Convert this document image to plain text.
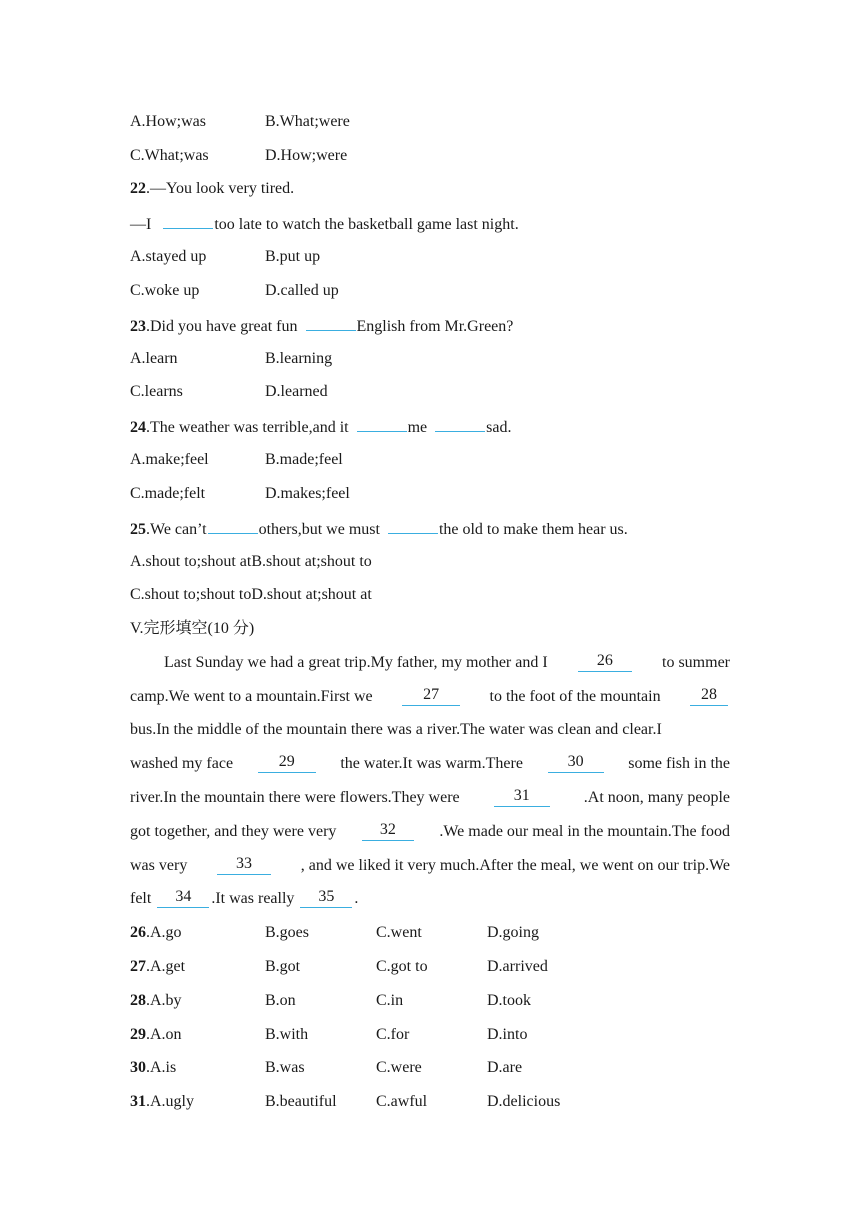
A.How;was	B.What;were
C.What;was	D.How;were
22.—You look very tired.
—I	too late to watch the basketball game last night.
A.stayed up	B.put up
C.woke up	D.called up
23.Did you have great fun	English from Mr.Green?
A.learn	B.learning
C.learns	D.learned
24.The weather was terrible,and it	me	sad.
A.make;feel	B.made;feel
C.made;felt	D.makes;feel
25.We can’t	others,but we must	the old to make them hear us.
A.shout to;shout atB.shout at;shout to
C.shout to;shout toD.shout at;shout at
V.完形填空(10 分)
Last Sunday we had a great trip.My father, my mother and I	26	to summer
camp.We went to a mountain.First we	27	to the foot of the mountain	28
bus.In the middle of the mountain there was a river.The water was clean and clear.I
washed my face	29	the water.It was warm.There	30	some fish in the
river.In the mountain there were flowers.They were	31	.At noon, many people
got together, and they were very	32	.We made our meal in the mountain.The food
was very	33	, and we liked it very much.After the meal, we went on our trip.We
felt	34	.It was really	35	.
26.A.go	B.goes	C.went	D.going
27.A.get	B.got	C.got to	D.arrived
28.A.by	B.on	C.in	D.took
29.A.on	B.with	C.for	D.into
30.A.is	B.was	C.were	D.are
31.A.ugly	B.beautiful C.awful	D.delicious
